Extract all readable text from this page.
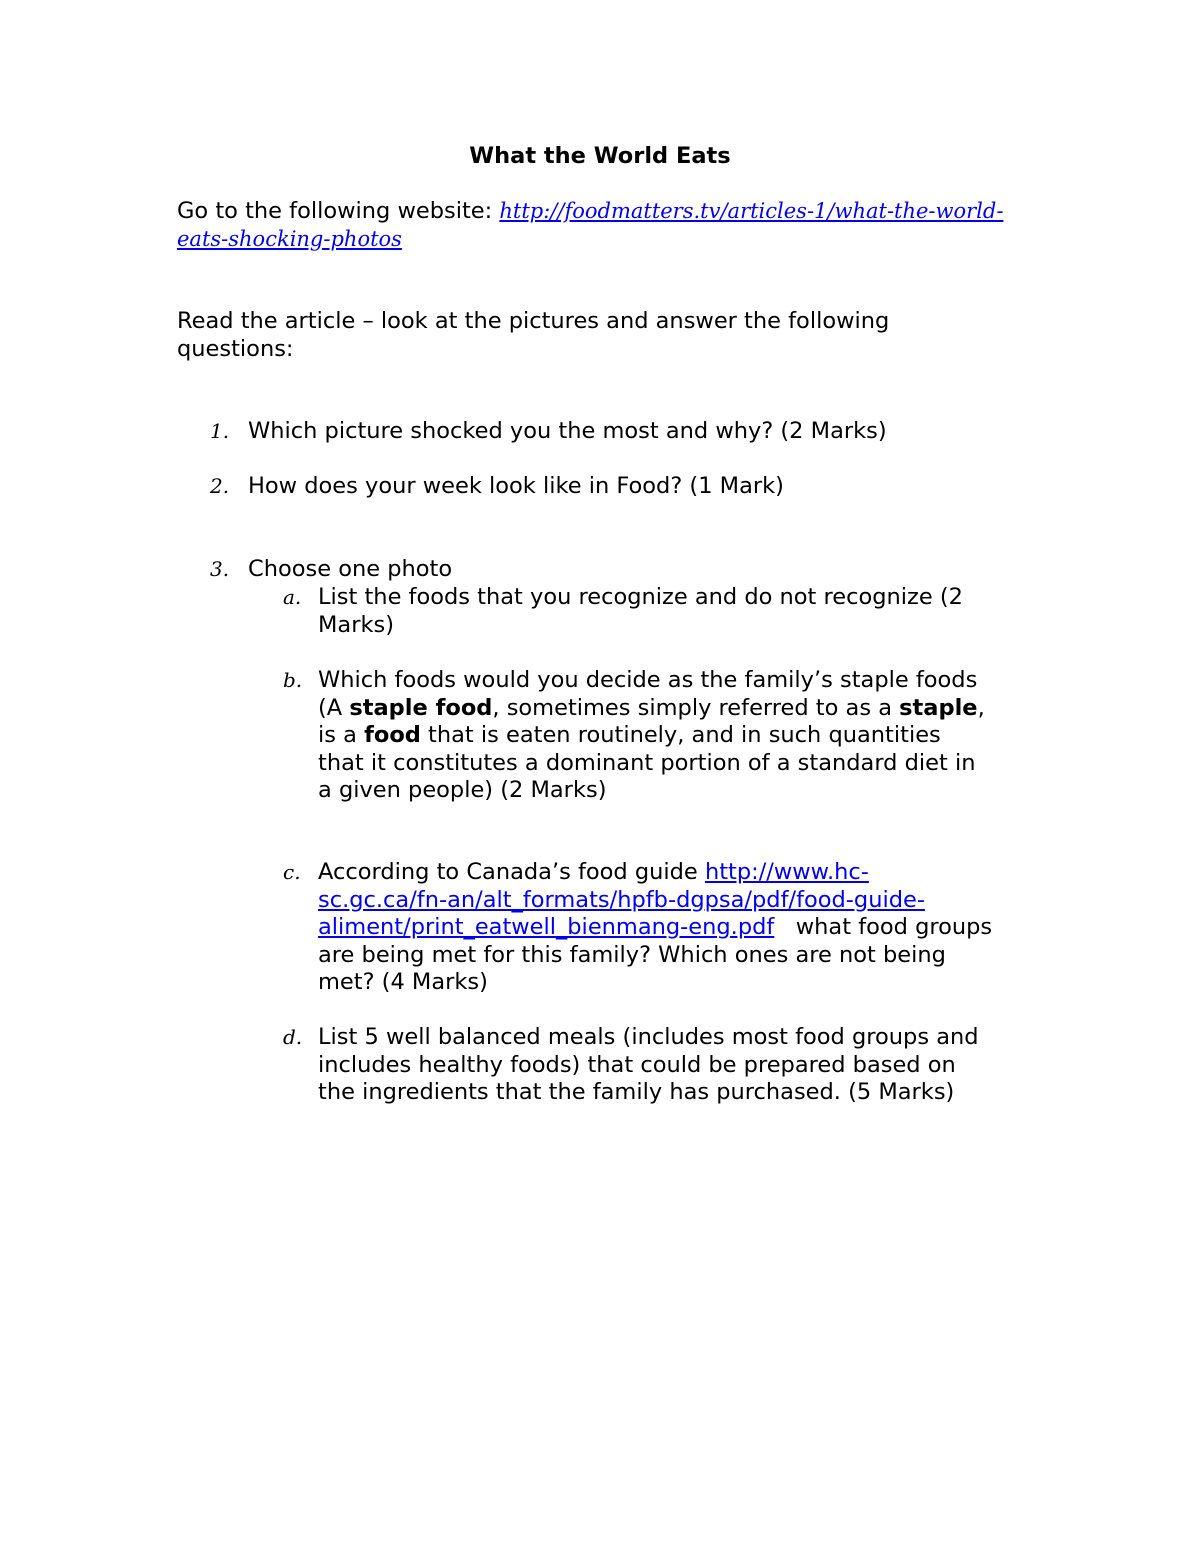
What the World Eats
Go to the following website: http://foodmatters.tv/articles-1/what-the-world-
eats-shocking-photos
Read the article – look at the pictures and answer the following
questions:
1. Which picture shocked you the most and why? (2 Marks)
2. How does your week look like in Food? (1 Mark)
3. Choose one photo
a. List the foods that you recognize and do not recognize (2
Marks)
b. Which foods would you decide as the family’s staple foods
(A staple food, sometimes simply referred to as a staple,
is a food that is eaten routinely, and in such quantities
that it constitutes a dominant portion of a standard diet in
a given people) (2 Marks)
c. According to Canada’s food guide http://www.hc-
sc.gc.ca/fn-an/alt_formats/hpfb-dgpsa/pdf/food-guide-
aliment/print_eatwell_bienmang-eng.pdf   what food groups
are being met for this family? Which ones are not being
met? (4 Marks)
d. List 5 well balanced meals (includes most food groups and
includes healthy foods) that could be prepared based on
the ingredients that the family has purchased. (5 Marks)
